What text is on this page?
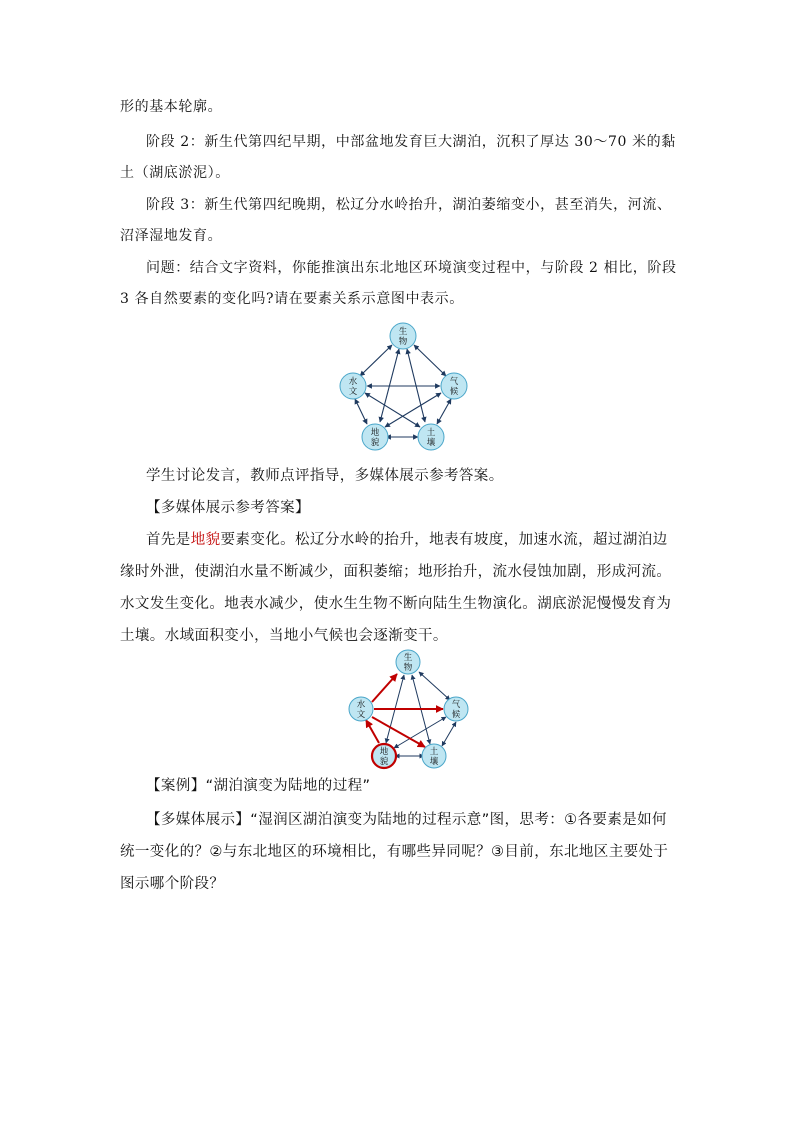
形的基本轮廓。
阶段 2：新生代第四纪早期，中部盆地发育巨大湖泊，沉积了厚达 30～70 米的黏土（湖底淤泥）。
阶段 3：新生代第四纪晚期，松辽分水岭抬升，湖泊萎缩变小，甚至消失，河流、沼泽湿地发育。
问题：结合文字资料，你能推演出东北地区环境演变过程中，与阶段 2 相比，阶段 3 各自然要素的变化吗?请在要素关系示意图中表示。
生
物
水
文
气
候
地
貌
土
壤
学生讨论发言，教师点评指导，多媒体展示参考答案。
【多媒体展示参考答案】
首先是地貌要素变化。松辽分水岭的抬升，地表有坡度，加速水流，超过湖泊边缘时外泄，使湖泊水量不断减少，面积萎缩；地形抬升，流水侵蚀加剧，形成河流。水文发生变化。地表水减少，使水生生物不断向陆生生物演化。湖底淤泥慢慢发育为土壤。水域面积变小，当地小气候也会逐渐变干。
生
物
水
文
气
候
地
貌
土
壤
【案例】“湖泊演变为陆地的过程”
【多媒体展示】“湿润区湖泊演变为陆地的过程示意”图，思考：①各要素是如何统一变化的？②与东北地区的环境相比，有哪些异同呢？③目前，东北地区主要处于图示哪个阶段？
